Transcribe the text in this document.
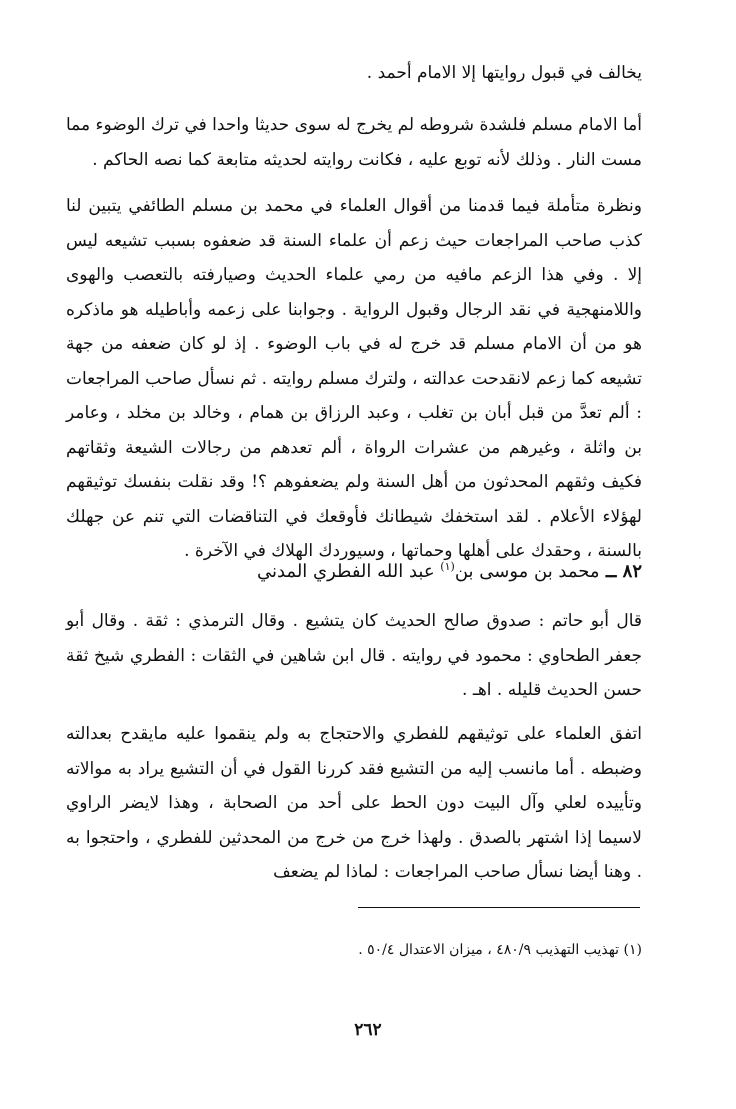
يخالف في قبول روايتها إلا الامام أحمد .

أما الامام مسلم فلشدة شروطه لم يخرج له سوى حديثا واحدا في ترك الوضوء مما مست النار . وذلك لأنه توبع عليه ، فكانت روايته لحديثه متابعة كما نصه الحاكم .

ونظرة متأملة فيما قدمنا من أقوال العلماء في محمد بن مسلم الطائفي يتبين لنا كذب صاحب المراجعات حيث زعم أن علماء السنة قد ضعفوه بسبب تشيعه ليس إلا . وفي هذا الزعم مافيه من رمي علماء الحديث وصيارفته بالتعصب والهوى واللامنهجية في نقد الرجال وقبول الرواية . وجوابنا على زعمه وأباطيله هو ماذكره هو من أن الامام مسلم قد خرج له في باب الوضوء . إذ لو كان ضعفه من جهة تشيعه كما زعم لانقدحت عدالته ، ولترك مسلم روايته . ثم نسأل صاحب المراجعات : ألم تعدَّ من قبل أبان بن تغلب ، وعبد الرزاق بن همام ، وخالد بن مخلد ، وعامر بن واثلة ، وغيرهم من عشرات الرواة ، ألم تعدهم من رجالات الشيعة وثقاتهم فكيف وثقهم المحدثون من أهل السنة ولم يضعفوهم ؟! وقد نقلت بنفسك توثيقهم لهؤلاء الأعلام . لقد استخفك شيطانك فأوقعك في التناقضات التي تنم عن جهلك بالسنة ، وحقدك على أهلها وحماتها ، وسيوردك الهلاك في الآخرة .

٨٢ ــ محمد بن موسى بن$^{(١)}$ عبد الله الفطري المدني

قال أبو حاتم : صدوق صالح الحديث كان يتشيع . وقال الترمذي : ثقة . وقال أبو جعفر الطحاوي : محمود في روايته . قال ابن شاهين في الثقات : الفطري شيخ ثقة حسن الحديث قليله . اهـ .

اتفق العلماء على توثيقهم للفطري والاحتجاج به ولم ينقموا عليه مايقدح بعدالته وضبطه . أما مانسب إليه من التشيع فقد كررنا القول في أن التشيع يراد به موالاته وتأييده لعلي وآل البيت دون الحط على أحد من الصحابة ، وهذا لايضر الراوي لاسيما إذا اشتهر بالصدق . ولهذا خرج من خرج من المحدثين للفطري ، واحتجوا به . وهنا أيضا نسأل صاحب المراجعات : لماذا لم يضعف

(١) تهذيب التهذيب ٤٨٠/٩ ، ميزان الاعتدال ٥٠/٤ .

٢٦٢
